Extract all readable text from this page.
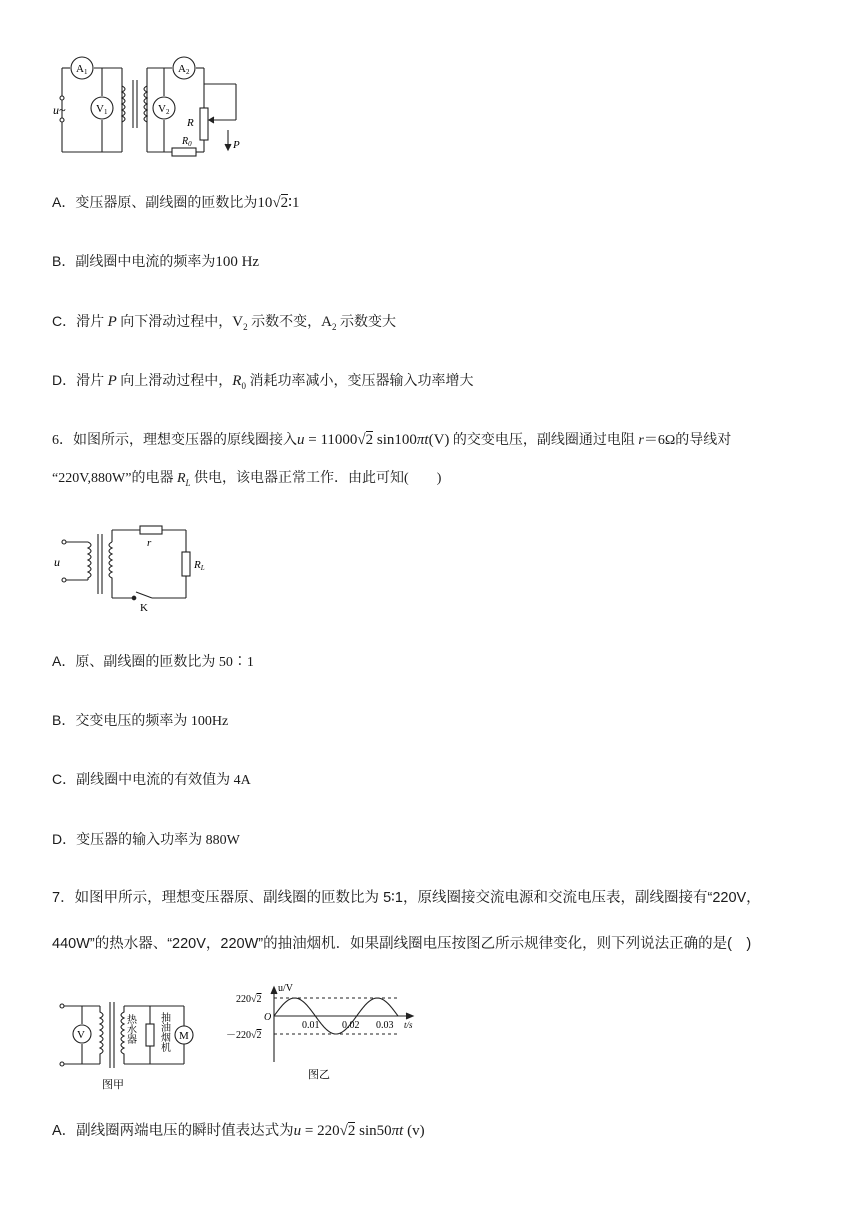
A1
V1
A2
V2
u~
R
$R_0$	P
A．变压器原、副线圈的匝数比为10√2∶1
B．副线圈中电流的频率为100 Hz
C．滑片 P 向下滑动过程中，$V_2$ 示数不变，$A_2$ 示数变大
D．滑片 P 向上滑动过程中，$R_0$ 消耗功率减小，变压器输入功率增大
6．如图所示，理想变压器的原线圈接入u = 11000√2 sin100πt(V) 的交变电压，副线圈通过电阻 r＝6Ω的导线对
“220V,880W”的电器 $R_L$ 供电，该电器正常工作．由此可知(　　)
u
r
RL
K
A．原、副线圈的匝数比为 50∶1
B．交变电压的频率为 100Hz
C．副线圈中电流的有效值为 4A
D．变压器的输入功率为 880W
7．如图甲所示，理想变压器原、副线圈的匝数比为 5∶1，原线圈接交流电源和交流电压表，副线圈接有“220V，
440W”的热水器、“220V，220W”的抽油烟机．如果副线圈电压按图乙所示规律变化，则下列说法正确的是(　)
V	热水器 抽油烟机 M
图甲
u/V
220√2
O
－220√2
0.01 0.02 0.03 t/s
图乙
A．副线圈两端电压的瞬时值表达式为u = 220√2 sin50πt (v)
